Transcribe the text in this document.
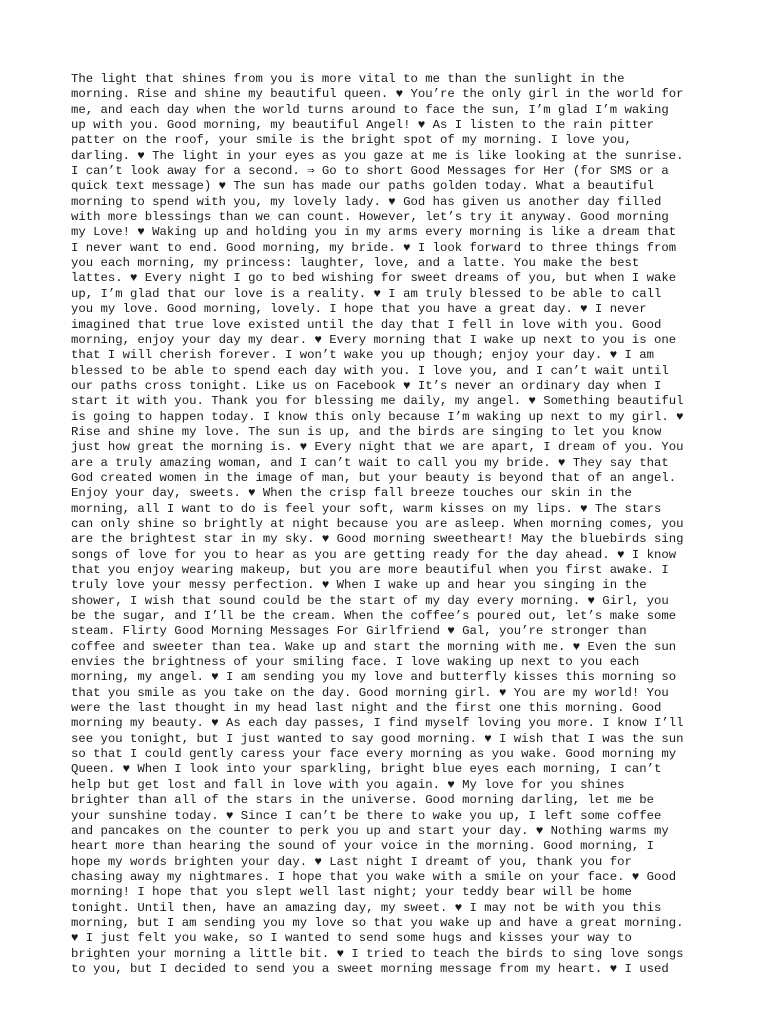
The light that shines from you is more vital to me than the sunlight in the
morning. Rise and shine my beautiful queen. ♥ You’re the only girl in the world for
me, and each day when the world turns around to face the sun, I’m glad I’m waking
up with you. Good morning, my beautiful Angel! ♥ As I listen to the rain pitter
patter on the roof, your smile is the bright spot of my morning. I love you,
darling. ♥ The light in your eyes as you gaze at me is like looking at the sunrise.
I can’t look away for a second. ⇒ Go to short Good Messages for Her (for SMS or a
quick text message) ♥ The sun has made our paths golden today. What a beautiful
morning to spend with you, my lovely lady. ♥ God has given us another day filled
with more blessings than we can count. However, let’s try it anyway. Good morning
my Love! ♥ Waking up and holding you in my arms every morning is like a dream that
I never want to end. Good morning, my bride. ♥ I look forward to three things from
you each morning, my princess: laughter, love, and a latte. You make the best
lattes. ♥ Every night I go to bed wishing for sweet dreams of you, but when I wake
up, I’m glad that our love is a reality. ♥ I am truly blessed to be able to call
you my love. Good morning, lovely. I hope that you have a great day. ♥ I never
imagined that true love existed until the day that I fell in love with you. Good
morning, enjoy your day my dear. ♥ Every morning that I wake up next to you is one
that I will cherish forever. I won’t wake you up though; enjoy your day. ♥ I am
blessed to be able to spend each day with you. I love you, and I can’t wait until
our paths cross tonight. Like us on Facebook ♥ It’s never an ordinary day when I
start it with you. Thank you for blessing me daily, my angel. ♥ Something beautiful
is going to happen today. I know this only because I’m waking up next to my girl. ♥
Rise and shine my love. The sun is up, and the birds are singing to let you know
just how great the morning is. ♥ Every night that we are apart, I dream of you. You
are a truly amazing woman, and I can’t wait to call you my bride. ♥ They say that
God created women in the image of man, but your beauty is beyond that of an angel.
Enjoy your day, sweets. ♥ When the crisp fall breeze touches our skin in the
morning, all I want to do is feel your soft, warm kisses on my lips. ♥ The stars
can only shine so brightly at night because you are asleep. When morning comes, you
are the brightest star in my sky. ♥ Good morning sweetheart! May the bluebirds sing
songs of love for you to hear as you are getting ready for the day ahead. ♥ I know
that you enjoy wearing makeup, but you are more beautiful when you first awake. I
truly love your messy perfection. ♥ When I wake up and hear you singing in the
shower, I wish that sound could be the start of my day every morning. ♥ Girl, you
be the sugar, and I’ll be the cream. When the coffee’s poured out, let’s make some
steam. Flirty Good Morning Messages For Girlfriend ♥ Gal, you’re stronger than
coffee and sweeter than tea. Wake up and start the morning with me. ♥ Even the sun
envies the brightness of your smiling face. I love waking up next to you each
morning, my angel. ♥ I am sending you my love and butterfly kisses this morning so
that you smile as you take on the day. Good morning girl. ♥ You are my world! You
were the last thought in my head last night and the first one this morning. Good
morning my beauty. ♥ As each day passes, I find myself loving you more. I know I’ll
see you tonight, but I just wanted to say good morning. ♥ I wish that I was the sun
so that I could gently caress your face every morning as you wake. Good morning my
Queen. ♥ When I look into your sparkling, bright blue eyes each morning, I can’t
help but get lost and fall in love with you again. ♥ My love for you shines
brighter than all of the stars in the universe. Good morning darling, let me be
your sunshine today. ♥ Since I can’t be there to wake you up, I left some coffee
and pancakes on the counter to perk you up and start your day. ♥ Nothing warms my
heart more than hearing the sound of your voice in the morning. Good morning, I
hope my words brighten your day. ♥ Last night I dreamt of you, thank you for
chasing away my nightmares. I hope that you wake with a smile on your face. ♥ Good
morning! I hope that you slept well last night; your teddy bear will be home
tonight. Until then, have an amazing day, my sweet. ♥ I may not be with you this
morning, but I am sending you my love so that you wake up and have a great morning.
♥ I just felt you wake, so I wanted to send some hugs and kisses your way to
brighten your morning a little bit. ♥ I tried to teach the birds to sing love songs
to you, but I decided to send you a sweet morning message from my heart. ♥ I used
